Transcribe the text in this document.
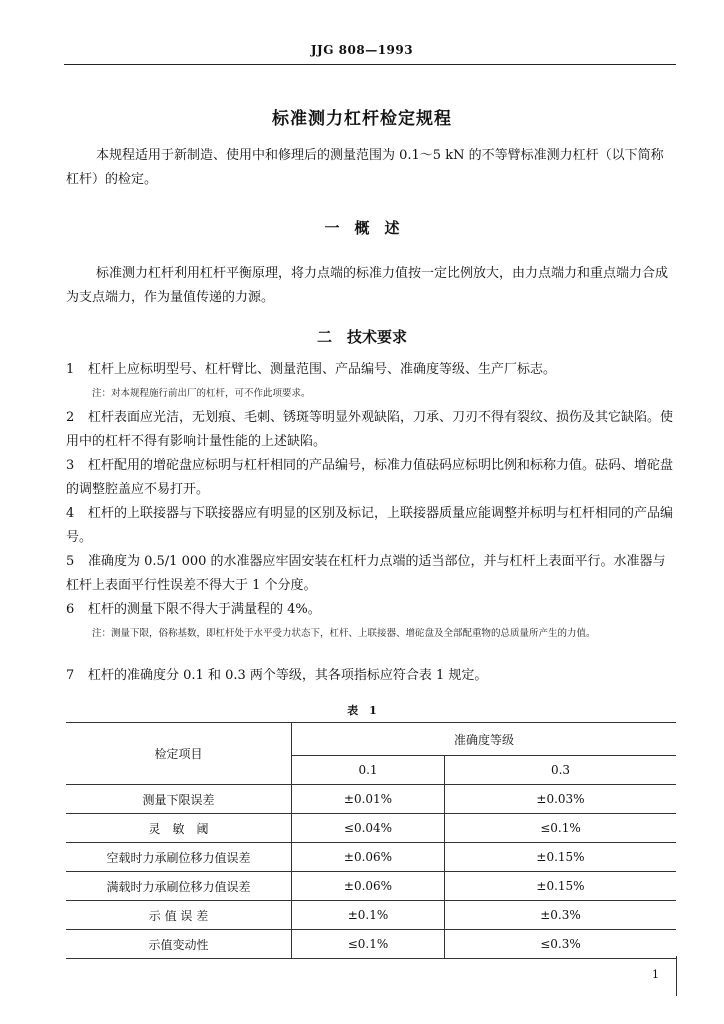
JJG 808—1993
标准测力杠杆检定规程

本规程适用于新制造、使用中和修理后的测量范围为 0.1～5 kN 的不等臂标准测力杠杆（以下简称杠杆）的检定。

一　概　述

标准测力杠杆利用杠杆平衡原理，将力点端的标准力值按一定比例放大，由力点端力和重点端力合成为支点端力，作为量值传递的力源。

二　技术要求

1 杠杆上应标明型号、杠杆臂比、测量范围、产品编号、准确度等级、生产厂标志。

注：对本规程施行前出厂的杠杆，可不作此项要求。

2 杠杆表面应光洁，无划痕、毛刺、锈斑等明显外观缺陷，刀承、刀刃不得有裂纹、损伤及其它缺陷。使用中的杠杆不得有影响计量性能的上述缺陷。

3 杠杆配用的增砣盘应标明与杠杆相同的产品编号，标准力值砝码应标明比例和标称力值。砝码、增砣盘的调整腔盖应不易打开。

4 杠杆的上联接器与下联接器应有明显的区别及标记，上联接器质量应能调整并标明与杠杆相同的产品编号。

5 准确度为 0.5/1 000 的水准器应牢固安装在杠杆力点端的适当部位，并与杠杆上表面平行。水准器与杠杆上表面平行性误差不得大于 1 个分度。

6 杠杆的测量下限不得大于满量程的 4%。

注：测量下限，俗称基数，即杠杆处于水平受力状态下，杠杆、上联接器、增砣盘及全部配重物的总质量所产生的力值。

7 杠杆的准确度分 0.1 和 0.3 两个等级，其各项指标应符合表 1 规定。

表　1
检定项目	准确度等级	
	0.1	0.3
测量下限误差	±0.01%	±0.03%
灵　敏　阈	≤0.04%	≤0.1%
空载时力承刷位移力值误差	±0.06%	±0.15%
满载时力承刷位移力值误差	±0.06%	±0.15%
示 值 误 差	±0.1%	±0.3%
示值变动性	≤0.1%	≤0.3%
1
